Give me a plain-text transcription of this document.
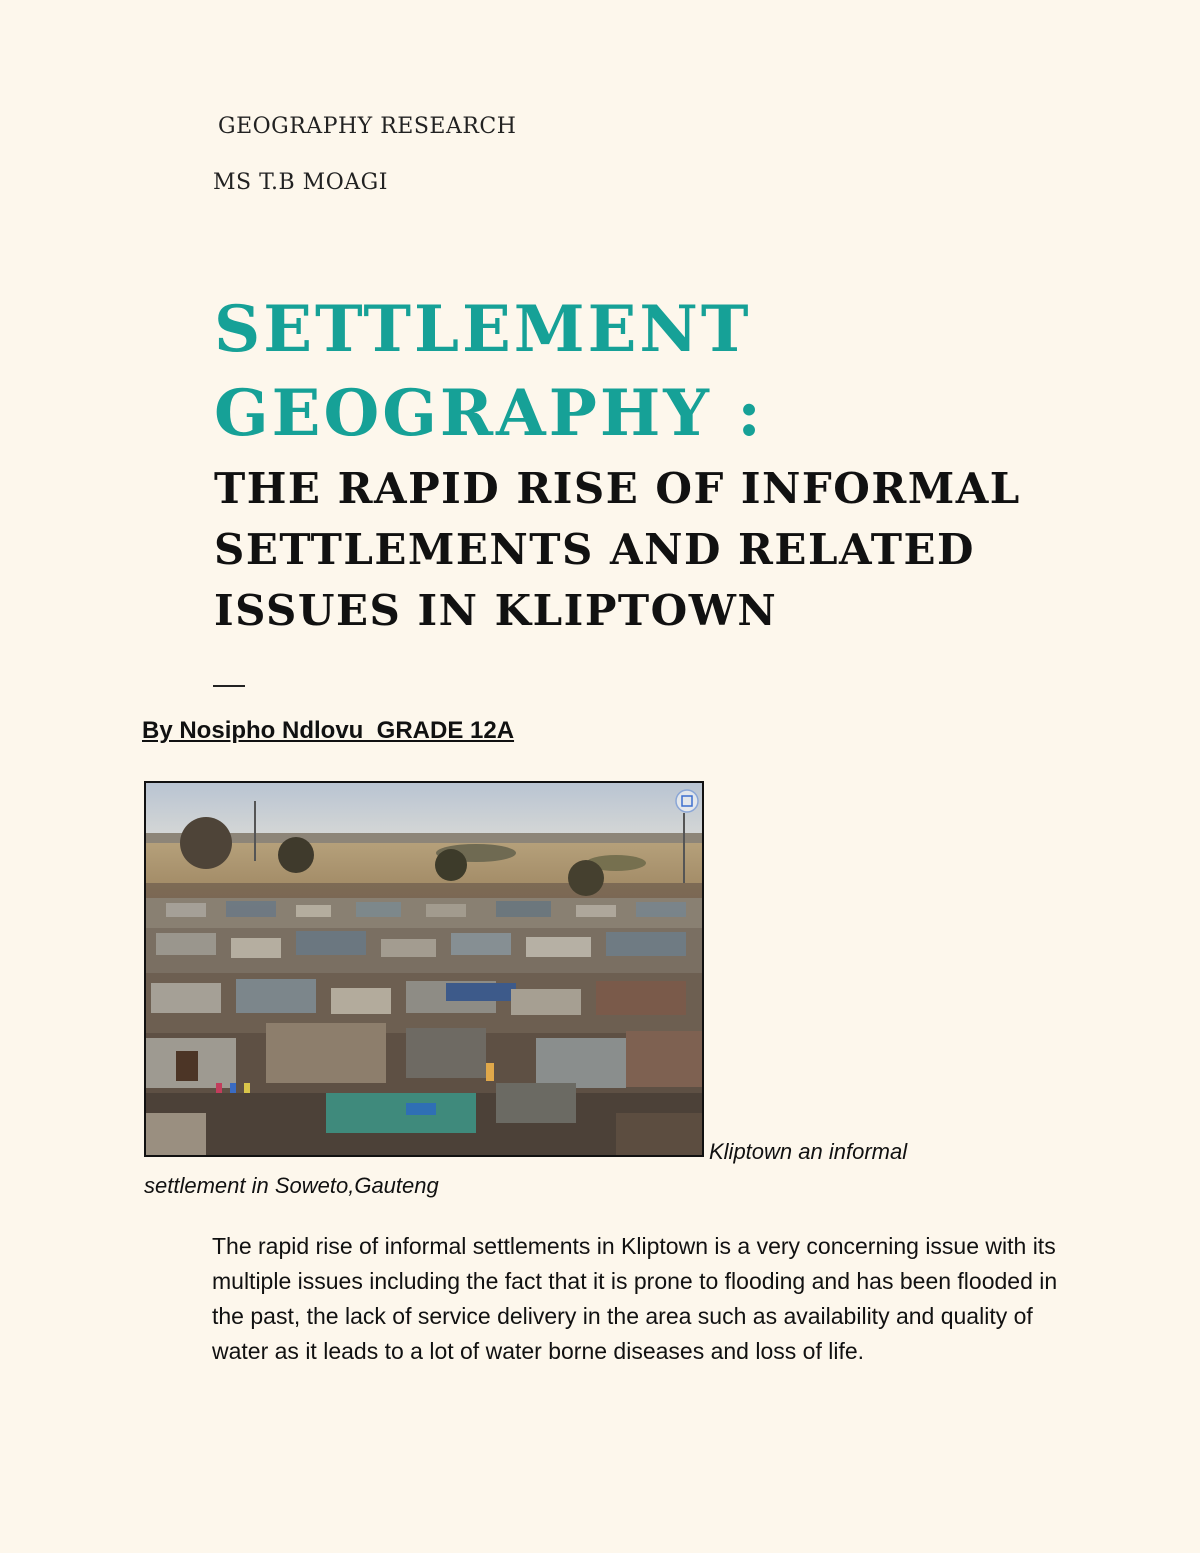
GEOGRAPHY RESEARCH
MS T.B MOAGI
SETTLEMENT
GEOGRAPHY :
THE RAPID RISE OF INFORMAL
SETTLEMENTS AND RELATED
ISSUES IN KLIPTOWN
By Nosipho Ndlovu  GRADE 12A
Kliptown an informal
settlement in Soweto,Gauteng

The rapid rise of informal settlements in Kliptown is a very concerning issue with its multiple issues including the fact that it is prone to flooding and has been flooded in the past, the lack of service delivery in the area such as availability and quality of water as it leads to a lot of water borne diseases and loss of life.
